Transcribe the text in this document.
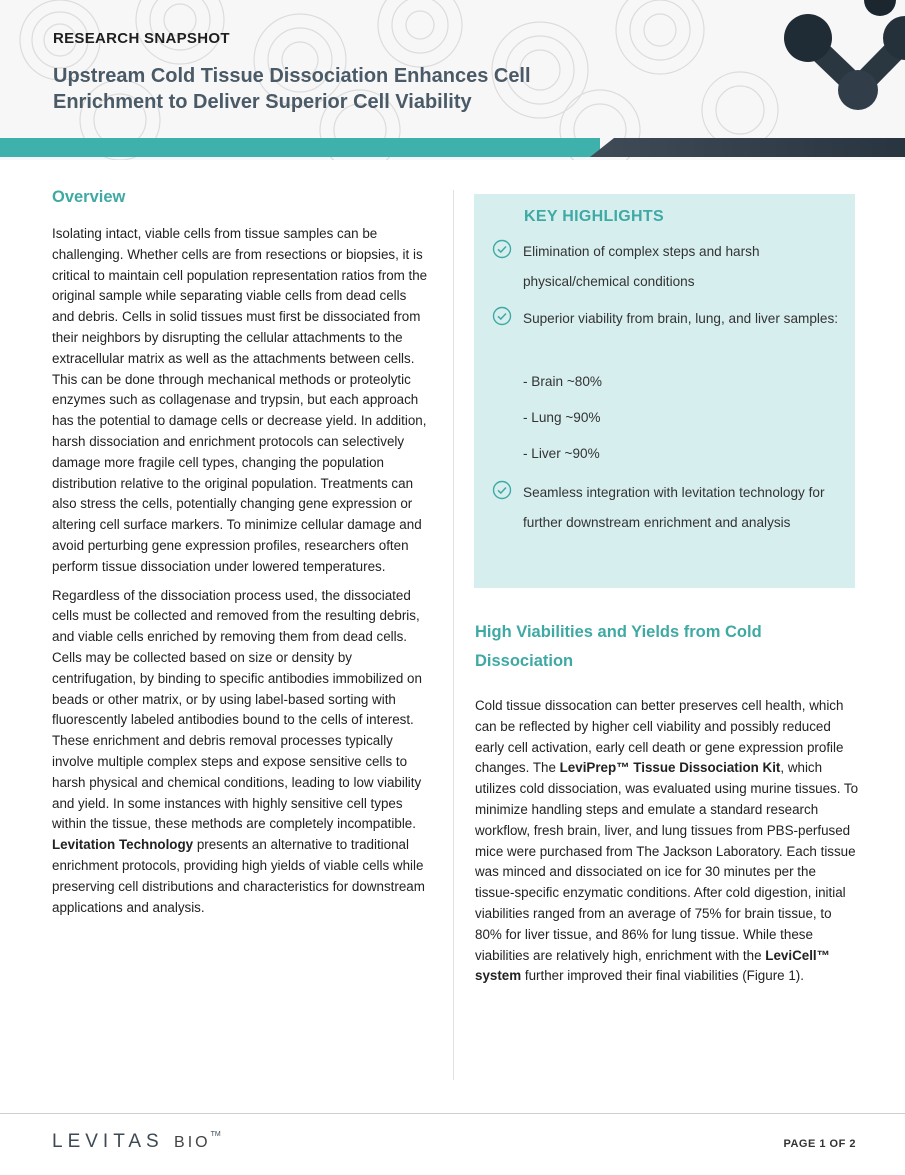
RESEARCH SNAPSHOT
Upstream Cold Tissue Dissociation Enhances Cell
Enrichment to Deliver Superior Cell Viability
Overview

Isolating intact, viable cells from tissue samples can be challenging. Whether cells are from resections or biopsies, it is critical to maintain cell population representation ratios from the original sample while separating viable cells from dead cells and debris. Cells in solid tissues must first be dissociated from their neighbors by disrupting the cellular attachments to the extracellular matrix as well as the attachments between cells. This can be done through mechanical methods or proteolytic enzymes such as collagenase and trypsin, but each approach has the potential to damage cells or decrease yield. In addition, harsh dissociation and enrichment protocols can selectively damage more fragile cell types, changing the population distribution relative to the original population. Treatments can also stress the cells, potentially changing gene expression or altering cell surface markers. To minimize cellular damage and avoid perturbing gene expression profiles, researchers often perform tissue dissociation under lowered temperatures.

Regardless of the dissociation process used, the dissociated cells must be collected and removed from the resulting debris, and viable cells enriched by removing them from dead cells. Cells may be collected based on size or density by centrifugation, by binding to specific antibodies immobilized on beads or other matrix, or by using label-based sorting with fluorescently labeled antibodies bound to the cells of interest. These enrichment and debris removal processes typically involve multiple complex steps and expose sensitive cells to harsh physical and chemical conditions, leading to low viability and yield. In some instances with highly sensitive cell types within the tissue, these methods are completely incompatible. Levitation Technology presents an alternative to traditional enrichment protocols, providing high yields of viable cells while preserving cell distributions and characteristics for downstream applications and analysis.

KEY HIGHLIGHTS
Elimination of complex steps and harsh physical/chemical conditions
Superior viability from brain, lung, and liver samples:
- Brain ~80%
- Lung ~90%
- Liver ~90%
Seamless integration with levitation technology for further downstream enrichment and analysis
High Viabilities and Yields from Cold Dissociation

Cold tissue dissocation can better preserves cell health, which can be reflected by higher cell viability and possibly reduced early cell activation, early cell death or gene expression profile changes. The LeviPrep™ Tissue Dissociation Kit, which utilizes cold dissociation, was evaluated using murine tissues. To minimize handling steps and emulate a standard research workflow, fresh brain, liver, and lung tissues from PBS-perfused mice were purchased from The Jackson Laboratory. Each tissue was minced and dissociated on ice for 30 minutes per the tissue-specific enzymatic conditions. After cold digestion, initial viabilities ranged from an average of 75% for brain tissue, to 80% for liver tissue, and 86% for lung tissue. While these viabilities are relatively high, enrichment with the LeviCell™ system further improved their final viabilities (Figure 1).

LEVITAS BIO™
PAGE 1 OF 2
